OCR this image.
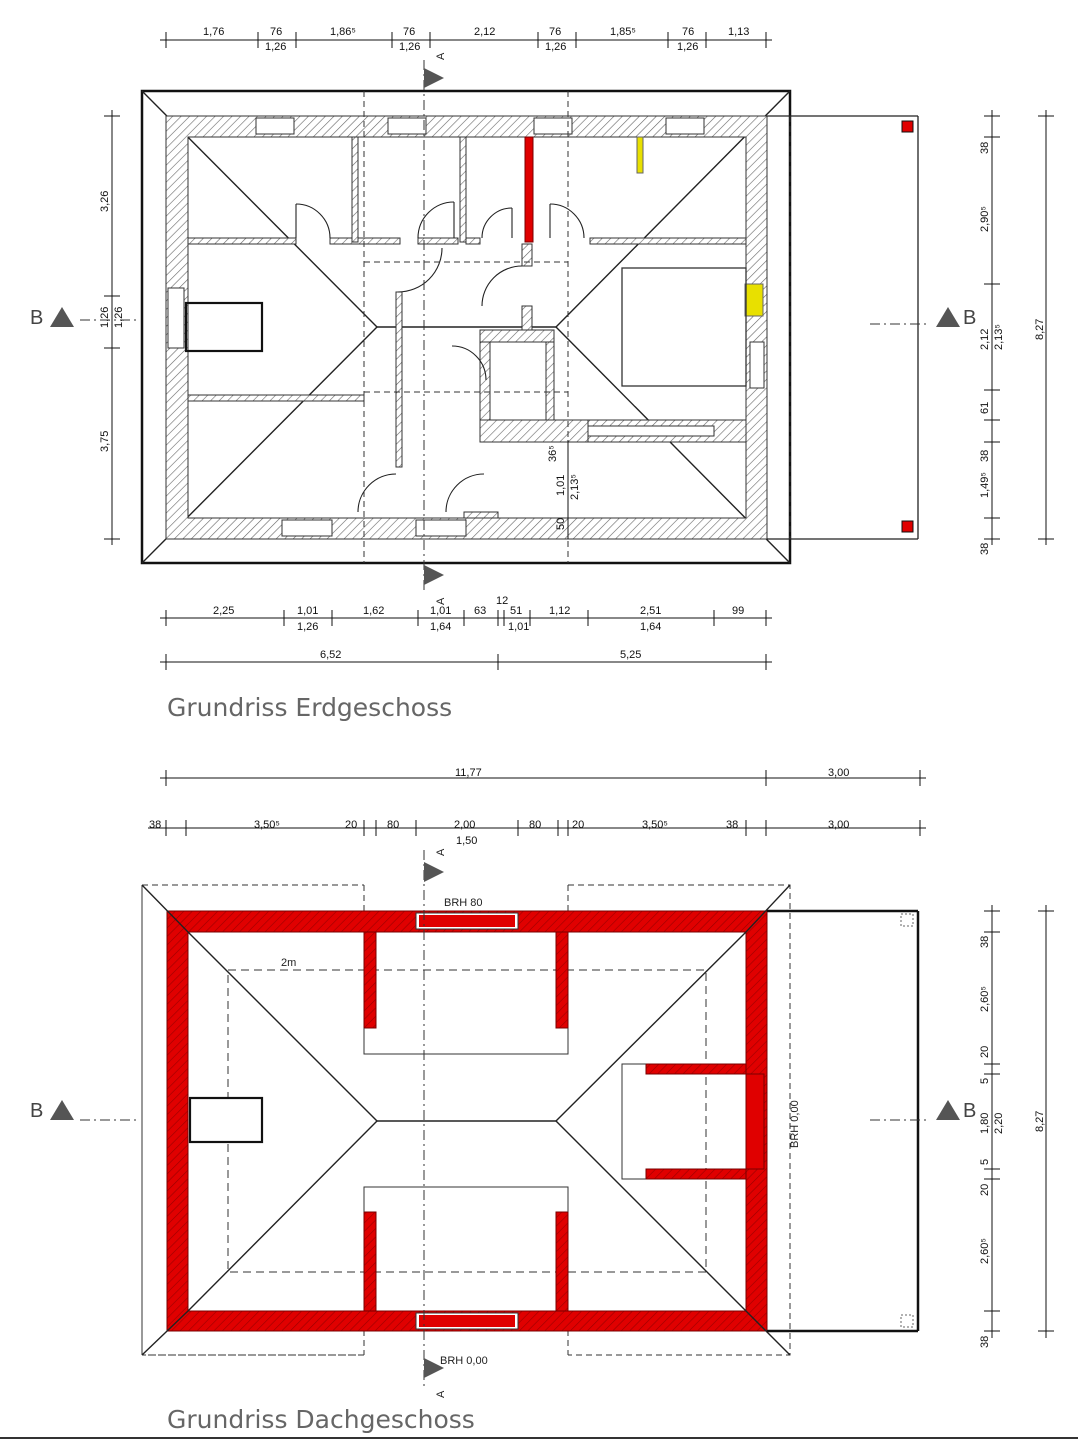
B	B
A
A
1,76	76	1,86⁵	76	2,12	76	1,85⁵	76	1,13
1,26	1,26	1,26	1,26
2,25	1,01	1,62	1,01 63 51 1,12	2,51	99
12
1,26	1,64	1,01	1,64
6,52	5,25
3,26
1,26 1,26
3,75
38
2,90⁵
2,12 2,13⁵
61
38
1,49⁵
38
8,27
36⁵
1,01 2,13⁵
50
Grundriss Erdgeschoss
11,77	3,00
38	3,50⁵	20	80	2,00	80	20	3,50⁵	38	3,00
1,50
B	B
A
A
BRH 80
BRH 0,00
BRH 0,00
2m
38
2,60⁵
20
5
1,80 2,20
5
20
2,60⁵
38
8,27
Grundriss Dachgeschoss
